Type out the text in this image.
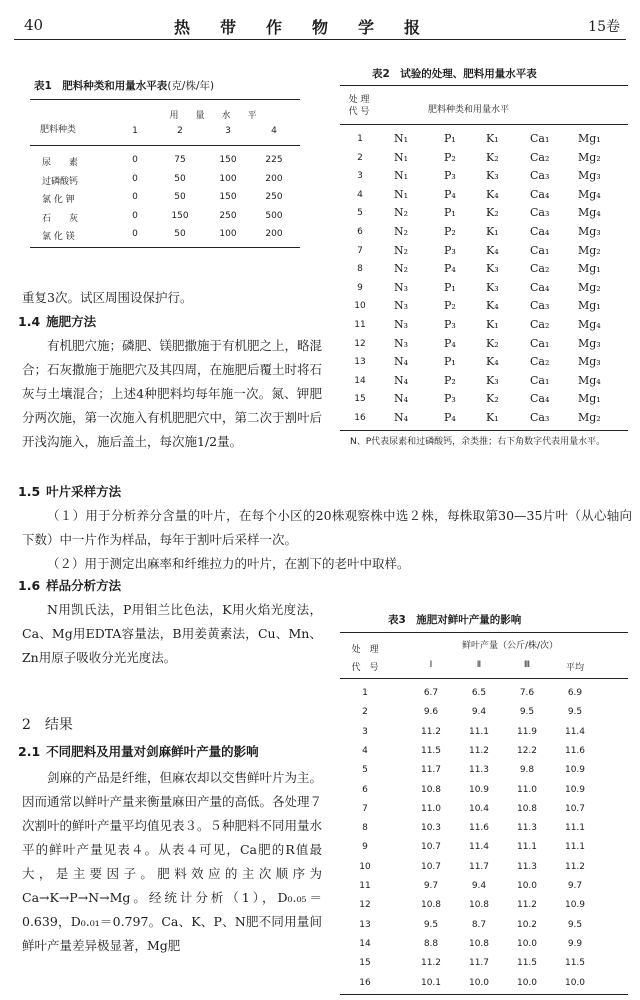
40	热带作物学报	15卷
表1　肥料种类和用量水平表(克/株/年)
肥料种类
用　量　水　平
1	2	3	4
尿　　素	0	75	150	225
过磷酸钙	0	50	100	200
氯 化 钾	0	50	150	250
石　　灰	0	150	250	500
氯 化 镁	0	50	100	200
表2　试验的处理、肥料用量水平表
处 理
代 号	肥料种类和用量水平
1	N₁	P₁	K₁	Ca₁	Mg₁
2	N₁	P₂	K₂	Ca₂	Mg₂
3	N₁	P₃	K₃	Ca₃	Mg₃
4	N₁	P₄	K₄	Ca₄	Mg₄
5	N₂	P₁	K₂	Ca₃	Mg₄
6	N₂	P₂	K₁	Ca₄	Mg₃
7	N₂	P₃	K₄	Ca₁	Mg₂
8	N₂	P₄	K₃	Ca₂	Mg₁
9	N₃	P₁	K₃	Ca₄	Mg₂
10	N₃	P₂	K₄	Ca₃	Mg₁
11	N₃	P₃	K₁	Ca₂	Mg₄
12	N₃	P₄	K₂	Ca₁	Mg₃
13	N₄	P₁	K₄	Ca₂	Mg₃
14	N₄	P₂	K₃	Ca₁	Mg₄
15	N₄	P₃	K₂	Ca₄	Mg₁
16	N₄	P₄	K₁	Ca₃	Mg₂
N、P代表尿素和过磷酸钙，余类推；右下角数字代表用量水平。
重复3次。试区周围设保护行。
1.4 施肥方法
有机肥穴施；磷肥、镁肥撒施于有机肥之上，略混合；石灰撒施于施肥穴及其四周，在施肥后覆土时将石灰与土壤混合；上述4种肥料均每年施一次。氮、钾肥分两次施，第一次施入有机肥肥穴中，第二次于割叶后开浅沟施入，施后盖土，每次施1/2量。
1.5 叶片采样方法
（１）用于分析养分含量的叶片，在每个小区的20株观察株中选２株，每株取第30—35片叶（从心轴向下数）中一片作为样品，每年于割叶后采样一次。
（２）用于测定出麻率和纤维拉力的叶片，在割下的老叶中取样。
1.6 样品分析方法
N用凯氏法，P用钼兰比色法，K用火焰光度法，Ca、Mg用EDTA容量法，B用姜黄素法，Cu、Mn、Zn用原子吸收分光光度法。
2 结果
2.1 不同肥料及用量对剑麻鲜叶产量的影响
剑麻的产品是纤维，但麻农却以交售鲜叶片为主。因而通常以鲜叶产量来衡量麻田产量的高低。各处理７次割叶的鲜叶产量平均值见表３。５种肥料不同用量水平的鲜叶产量见表４。从表４可见，Ca肥的R值最大，是主要因子。肥料效应的主次顺序为Ca→K→P→N→Mg。经统计分析（1），D₀.₀₅＝0.639，D₀.₀₁＝0.797。Ca、K、P、N肥不同用量间鲜叶产量差异极显著，Mg肥
表3　施肥对鲜叶产量的影响
处　理
代　号
鲜叶产量（公斤/株/次）
Ⅰ	Ⅱ	Ⅲ	平均
1	6.7	6.5	7.6	6.9
2	9.6	9.4	9.5	9.5
3	11.2	11.1	11.9	11.4
4	11.5	11.2	12.2	11.6
5	11.7	11.3	9.8	10.9
6	10.8	10.9	11.0	10.9
7	11.0	10.4	10.8	10.7
8	10.3	11.6	11.3	11.1
9	10.7	11.4	11.1	11.1
10	10.7	11.7	11.3	11.2
11	9.7	9.4	10.0	9.7
12	10.8	10.8	11.2	10.9
13	9.5	8.7	10.2	9.5
14	8.8	10.8	10.0	9.9
15	11.2	11.7	11.5	11.5
16	10.1	10.0	10.0	10.0
